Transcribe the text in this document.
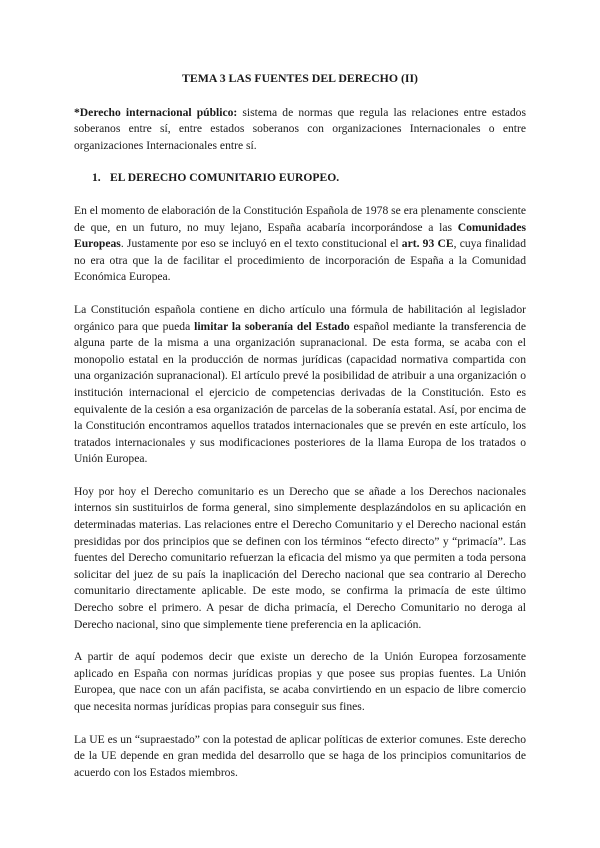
TEMA 3 LAS FUENTES DEL DERECHO (II)

*Derecho internacional público: sistema de normas que regula las relaciones entre estados soberanos entre sí, entre estados soberanos con organizaciones Internacionales o entre organizaciones Internacionales entre sí.

1. EL DERECHO COMUNITARIO EUROPEO.

En el momento de elaboración de la Constitución Española de 1978 se era plenamente consciente de que, en un futuro, no muy lejano, España acabaría incorporándose a las Comunidades Europeas. Justamente por eso se incluyó en el texto constitucional el art. 93 CE, cuya finalidad no era otra que la de facilitar el procedimiento de incorporación de España a la Comunidad Económica Europea.

La Constitución española contiene en dicho artículo una fórmula de habilitación al legislador orgánico para que pueda limitar la soberanía del Estado español mediante la transferencia de alguna parte de la misma a una organización supranacional. De esta forma, se acaba con el monopolio estatal en la producción de normas jurídicas (capacidad normativa compartida con una organización supranacional). El artículo prevé la posibilidad de atribuir a una organización o institución internacional el ejercicio de competencias derivadas de la Constitución. Esto es equivalente de la cesión a esa organización de parcelas de la soberanía estatal. Así, por encima de la Constitución encontramos aquellos tratados internacionales que se prevén en este artículo, los tratados internacionales y sus modificaciones posteriores de la llama Europa de los tratados o Unión Europea.

Hoy por hoy el Derecho comunitario es un Derecho que se añade a los Derechos nacionales internos sin sustituirlos de forma general, sino simplemente desplazándolos en su aplicación en determinadas materias. Las relaciones entre el Derecho Comunitario y el Derecho nacional están presididas por dos principios que se definen con los términos “efecto directo” y “primacía”. Las fuentes del Derecho comunitario refuerzan la eficacia del mismo ya que permiten a toda persona solicitar del juez de su país la inaplicación del Derecho nacional que sea contrario al Derecho comunitario directamente aplicable. De este modo, se confirma la primacía de este último Derecho sobre el primero. A pesar de dicha primacía, el Derecho Comunitario no deroga al Derecho nacional, sino que simplemente tiene preferencia en la aplicación.

A partir de aquí podemos decir que existe un derecho de la Unión Europea forzosamente aplicado en España con normas jurídicas propias y que posee sus propias fuentes. La Unión Europea, que nace con un afán pacifista, se acaba convirtiendo en un espacio de libre comercio que necesita normas jurídicas propias para conseguir sus fines.

La UE es un “supraestado” con la potestad de aplicar políticas de exterior comunes. Este derecho de la UE depende en gran medida del desarrollo que se haga de los principios comunitarios de acuerdo con los Estados miembros.
